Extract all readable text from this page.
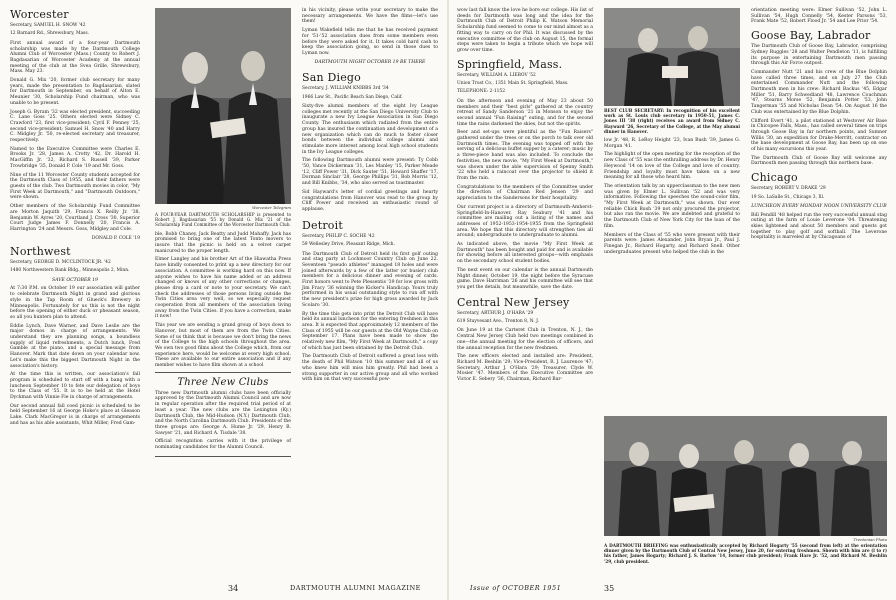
Worcester
Secretary, SAMUEL H. SNOW '42
12 Barnard Rd., Shrewsbury, Mass.

First annual award of a four-year Dartmouth scholarship was made by the Dartmouth College Alumni Club of Worcester (Mass.) County to Robert J. Bagdasarian of Worcester Academy at the annual meeting of the club at the Svea Grille, Shrewsbury, Mass. May 23.

Donald G. Mix '20, former club secretary for many years, made the presentation to Bagdasarian, slated for Dartmouth in September, on behalf of Alton E. Meunier '30, Scholarship Fund chairman, who was unable to be present.

Joseph G. Byram '32 was elected president, succeeding C. Lane Goss '25. Others elected were Sidney C. Crawford '23, first vice-president; Cyril F. Penney '25, second vice-president; Samuel H. Snow '40 and Harry C. Midgley Jr. '50, re-elected secretary and treasurer, respectively.

Named to the Executive Committee were Charles E. Brooks Jr. '28, James A. Crotty '42, Dr. Harold H. MacGiffin Jr. '32, Richard S. Russell '39, Parker Trowbridge '35, Donald P. Cole '19 and Mr. Goss.

Nine of the 11 Worcester County students accepted for the Dartmouth Class of 1955, and their fathers were guests of the club. Two Dartmouth movies in color, "My First Week at Dartmouth," and "Dartmouth Outdoors," were shown.

Other members of the Scholarship Fund Committee are Morton Jaquith '29, Francis X. Reilly Jr. '38, Benjamin W. Ayres '20, Courtland J. Cross '30, Superior Court Judge James F. Donnelly '20, Francis A. Harrington '24 and Messrs. Goss, Midgley and Cole.

DONALD P. COLE '19
Northwest
Secretary, GEORGE D. MCCLINTOCK JR. '42
1480 Northwestern Bank Bldg., Minneapolis 2, Minn.
SAVE OCTOBER 19

At 7:30 P.M. on October 19 our association will gather to celebrate Dartmouth Night in grand and glorious style in the Tap Room of Glueck's Brewery in Minneapolis. Fortunately for us this is not the night before the opening of either duck or pheasant season, so all you hunters plan to attend.

Eddie Lynch, Dave Warner, and Dave Leslie are the major domos in charge of arrangements. We understand they are planning songs, a boundless supply of liquid refreshments, a Dutch lunch, Fred Gamble at the piano, and a special message from Hanover. Mark that date down on your calendar now. Let's make this the biggest Dartmouth Night in the association's history.

At the time this is written, our association's fall program is scheduled to start off with a bang with a luncheon September 10 to fete our delegation of boys to the Class of '55. It is to be held at the Hotel Dyckman with Vinnie Fie in charge of arrangements.

Our second annual fall coed picnic is scheduled to be held September 16 at George Hoke's place at Gleason Lake. Clark MacGregor is in charge of arrangements and has as his able assistants, Whit Miller, Fred Gam-

Worcester Telegram

A FOUR-YEAR DARTMOUTH SCHOLARSHIP is presented to Robert J. Bagdasarian '55 by Donald G. Mix '21 of the Scholarship Fund Committee of the Worcester Dartmouth Club.

ble, Bobb Chaney, Jack Beatty and Judd Mahaffy. Jack has promised to bring one of the latest Tonto movers to insure that the picnic is held on a velvet carpet manicured to the proper length.

Elmer Langley and his brother Art of the Hiawatha Press have kindly consented to print up a new directory for our association. A committee is working hard on this now. If anyone wishes to have his name added or an address changed or knows of any other corrections or changes, please drop a card or note to your secretary. We can't check the addresses of those persons living outside the Twin Cities area very well, so we especially request cooperation from all members of the association living away from the Twin Cities. If you have a correction, make it now!

This year we are sending a grand group of boys down to Hanover, but most of them are from the Twin Cities. Some of us think that is because we don't bring the news of the College to the high schools throughout the area. We own two good films about the College which, from our experience here, would be welcome at every high school. These are available to our entire association and if any member wishes to have film shown at a school

Three New Clubs

Three new Dartmouth alumni clubs have been officially approved by the Dartmouth Alumni Council and are now in regular operation after the required trial period of at least a year. The new clubs are the Lexington (Ky.) Dartmouth Club, the Mid-Hudson (N.Y.) Dartmouth Club, and the North Carolina Dartmouth Club. Presidents of the three groups are: George A. Hume Jr. '29, Henry B. Sawyer '21, and Richard A. Tisdale '38.

Official recognition carries with it the privilege of nominating candidates for the Alumni Council.

in his vicinity, please write your secretary to make the necessary arrangements. We have the films—let's use them!

Lyman Wakefield tells me that he has received payment for '51-'52 association dues from some members even before they were asked for it. It takes cold hard cash to keep the association going, so send in those dues to Lyman now.

DARTMOUTH NIGHT OCTOBER 19 BE THERE
San Diego
Secretary, J. WILLIAM KNIBBS 3rd '34
1966 Law St., Pacific Beach San Diego, Calif.

Sixty-five alumni members of the eight Ivy League colleges met recently at the San Diego University Club to inaugurate a new Ivy League Association in San Diego County. The enthusiasm which radiated from the entire group has insured the continuation and development of a new organization which can do much to foster closer bonds between the individual college alumni and stimulate more interest among local high school students in the Ivy League colleges.

The following Dartmouth alumni were present: Ty Cobb '50, Vance Dickerman '31, Les Manley '15, Parker Meade '12, Cliff Power '31, Dick Sauter '51, Howard Shaffer '17, Dorman Sinclair '28, George Phillips '31, Bob Morris '12, and Bill Knibbs, '34, who also served as toastmaster.

Sid Hayward's letter of cordial greetings and hearty congratulations from Hanover was read to the group by Cliff Power and received an enthusiastic round of applause.

Detroit
Secretary, PHILIP C. SOCHE '42
59 Wellesley Drive, Pleasant Ridge, Mich.

The Dartmouth Club of Detroit held its first golf outing and stag party at Lochmoor Country Club on June 22. Seventeen "pseudo athletes" managed 18 holes and were joined afterwards by a few of the latter (or busier) club members for a delicious dinner and evening of cards. First honors went to Pete Plessentis '39 for low gross with Jim Fracy '36 winning the Kicker's Handicap. Yours truly performed in his usual outstanding style to run off with the new president's prize for high gross awarded by Jack Scolaro '30.

By the time this gets into print the Detroit Club will have held its annual luncheon for the entering freshmen in this area. It is expected that approximately 12 members of the Class of 1955 will be our guests at the Old Wayne Club on September 17. Plans have been made to show the relatively new film, "My First Week at Dartmouth," a copy of which has just been obtained by the Detroit Club.

The Dartmouth Club of Detroit suffered a great loss with the death of Phil Watson '10 this summer and all of us who knew him will miss him greatly. Phil had been a strong supporter in our active group and all who worked with him on that very successful pow-

34	DARTMOUTH ALUMNI MAGAZINE

wow last fall know the love he bore our college. His list of deeds for Dartmouth was long and the idea for the Dartmouth Club of Detroit Philip K. Watson Memorial Scholarship fund seemed to come to our mind almost as a fitting way to carry on for Phil. It was discussed by the executive committee of the club on August 15, the formal steps were taken to begin a tribute which we hope will grow over time.

Springfield, Mass.
Secretary, WILLIAM A. LIEBOV '52
Union Trust Co., 1351 Main St. Springfield, Mass.
TELEPHONE: 2-1152

On the afternoon and evening of May 23 about 50 members and their "best girls" gathered at the country retreat of Sandy Sanderson '21 in Monson to enjoy the second annual "Fun Raising" outing, and for the second time the rains darkened the skies, but not the spirits.

Beer and set-ups were plentiful as the "Fun Raisers" gathered under the trees or on the porch to talk over old Dartmouth times. The evening was topped off with the serving of a delicious buffet supper by a caterer; music by a three-piece band was also included. To conclude the festivities, the new movie, "My First Week at Dartmouth," was shown under the able supervision of Spenny Smith '22 who held a raincoat over the projector to shield it from the rain.

Congratulations to the members of the Committee under the direction of Chairman Red Jensen '29 and appreciation to the Sandersons for their hospitality.

Our current project is a directory of Dartmouth-Amherst-Springfield-In-Hanover. Ray Seabury '41 and his committee are mailing out a listing of the names and addresses of 1952-1953-1954-1955 from the Springfield area. We hope that this directory will strengthen ties all around; undergraduate to undergraduate to alumni.

As indicated above, the movie "My First Week at Dartmouth" has been bought and paid for and is available for showing before all interested groups—with emphasis on the secondary school student bodies.

The next event on our calendar is the annual Dartmouth Night dinner, October 19, the night before the Syracuse game. Dave Harriman '26 and his committee will see that you get the details, but meanwhile, save the date.

Central New Jersey
Secretary, ARTHUR J. O'HARA '29
619 Stuyvesant Ave., Trenton 8, N. J.

On June 19 at the Carteret Club in Trenton, N. J., the Central New Jersey Club held two meetings combined in one—the annual meeting for the election of officers, and the annual reception for the new freshmen.

The new officers elected and installed are: President, Richard M. Beshlin '29; Vice-President, R. J. Laurence '47; Secretary, Arthur J. O'Hara '29; Treasurer, Clyde W. Mosier '47. Members of the Executive Committee are Victor E. Sebery '36, Chairman, Richard Bar-

BEST CLUB SECRETARY: In recognition of his excellent work as St. Louis club secretary in 1950-51, James C. Jones III '38 (right) receives an award from Sidney C. Hayward '26, Secretary of the College, at the May alumni dinner in Hanover.

low Jr. '48, R. LeRoy Height '23, Ivan Bush '39, James G. Morgan '41.

The highlight of the open meeting for the reception of the new Class of '55 was the enthralling address by Dr. Henry Heywood '14 on love of the College and love of country. Friendship and loyalty must have taken on a new meaning for all those who heard him.

The orientation talk by an upperclassman to the new men was given by Elmer L. Sullivan '52 and was very informative. Following the speeches the sound-color film, "My First Week at Dartmouth," was shown. Our ever reliable Chick Bush '39 not only procured the projector, but also ran the movie. We are indebted and grateful to the Dartmouth Club of New York City for the loan of the film.

Members of the Class of '55 who were present with their parents were: James Alexander, John Bryan Jr., Paul J. Finegan Jr., Richard Hogarty, and Richard Snell. Other undergraduates present who helped the club in the

orientation meeting were: Elmer Sullivan '52, John L. Sullivan '54, Hugh Connelly '54, Kester Parsons '53, Frank Mate '52, Robert Flood Jr. '54 and Lee Prior '54.

Goose Bay, Labrador

The Dartmouth Club of Goose Bay, Labrador, comprising Sydney Ruggles '28 and Walter Pendleton '11, is fulfilling its purpose in entertaining Dartmouth men passing through this Air Force outpost.

Commander Nutt '21 and his crew of the Blue Dolphin have called three times, and on July 27 the Club entertained Commander Nutt and the following Dartmouth men in his crew: Richard Backus '45, Edgar Miller '51, Barry Schwedland '48, Lawrence Couchman '47, Stearns Morse '52, Benjamin Potter '53, John Tangerman '55 and Nicholas Dean '54. On August 16 the Club was entertained by the Blue Dolphin.

Clifford Evert '41, a pilot stationed at Westover Air Base in Chicopee Falls, Mass., has called several times on trips through Goose Bay in far northern points, and Sumner Willis '30, an expedition for Drake-Merritt, contractor on the base development at Goose Bay, has been up on one of his many excursions this year.

The Dartmouth Club of Goose Bay will welcome any Dartmouth men passing through this northern base.

Chicago
Secretary, ROBERT V. DRAKE '29
19 So. LaSalle St., Chicago 3, Ill.
LUNCHEON EVERY MONDAY NOON UNIVERSITY CLUB

Bill Pendill '48 helped run the very successful annual stag outing at the farm of Louie Leverone '04. Threatening skies lightened and about 50 members and guests got together to play golf and softball. The Leverone hospitality is marveled at by Chicagoans of

Trentonian Photo

A DARTMOUTH BRIEFING was enthusiastically accepted by Richard Hogarty '55 (second from left) at the orientation dinner given by the Dartmouth Club of Central New Jersey, June 20, for entering freshmen. Shown with him are (l to r) his father, James Hogarty; Richard J. S. Barlow '14, former club president; Frank Hare Jr. '52, and Richard M. Beshlin '29, club president.

Issue of OCTOBER 1951	35
